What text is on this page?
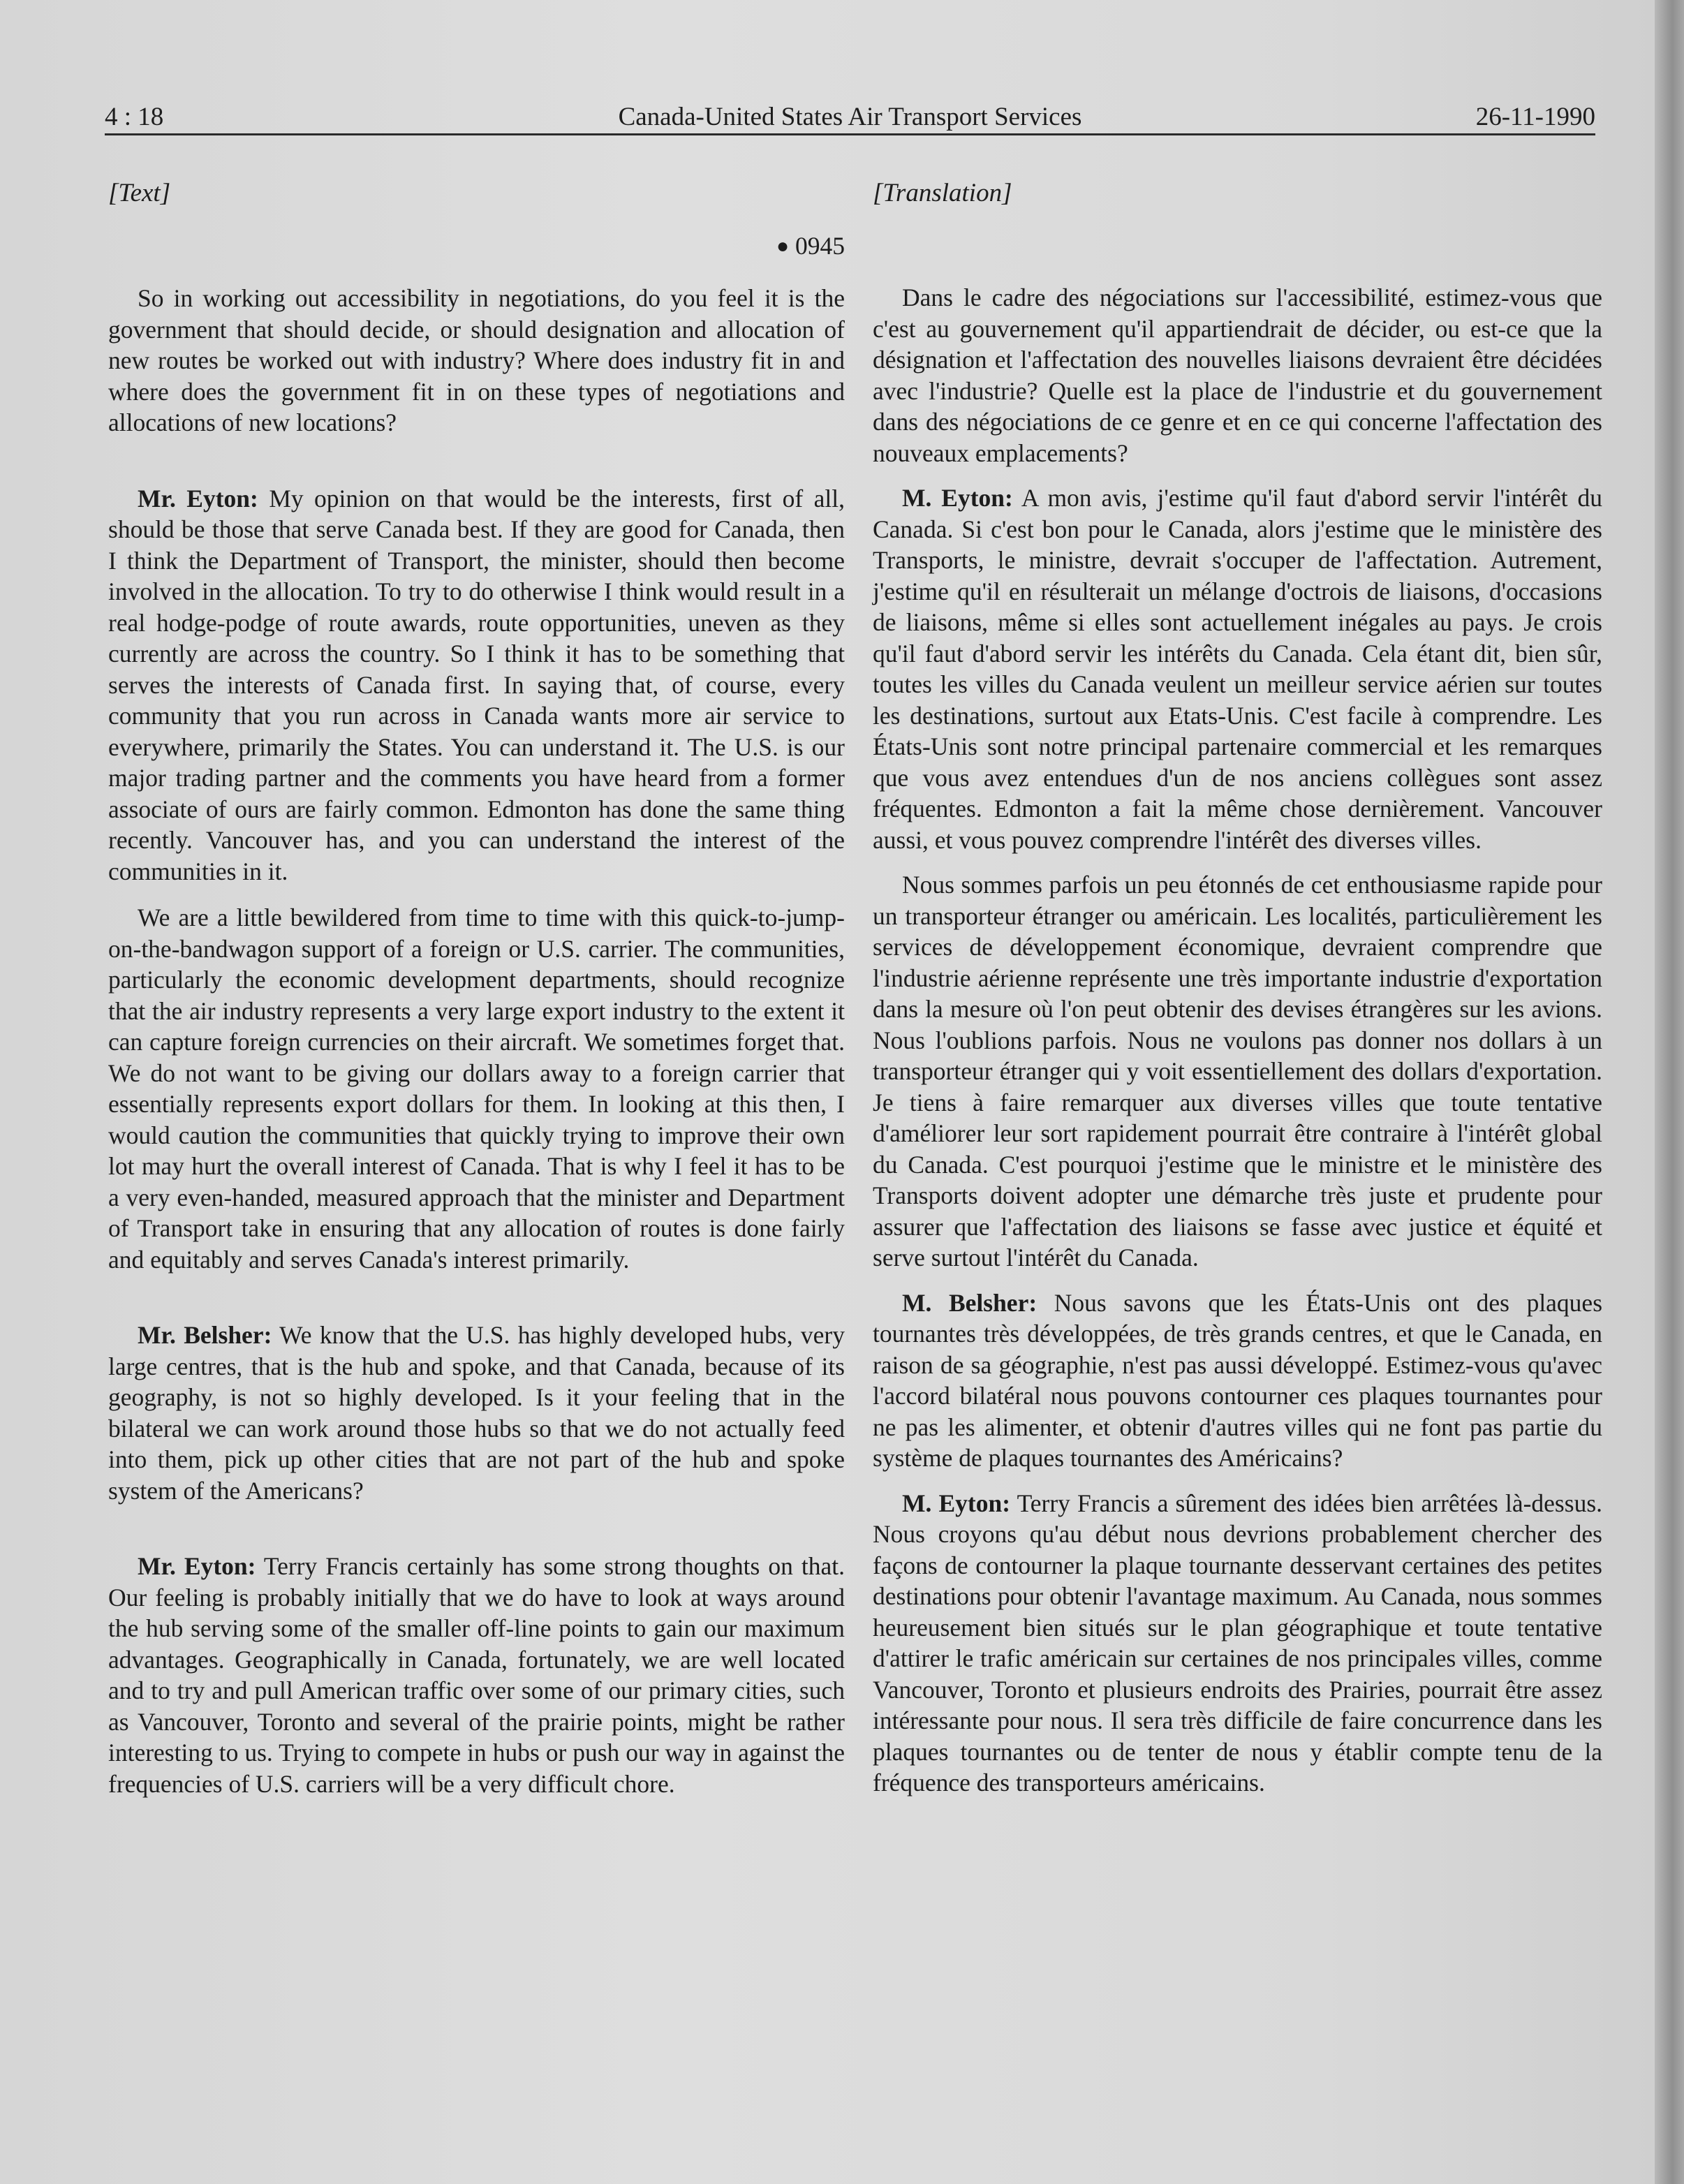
4 : 18	Canada-United States Air Transport Services	26-11-1990
[Text]
● 0945

So in working out accessibility in negotiations, do you feel it is the government that should decide, or should designation and allocation of new routes be worked out with industry? Where does industry fit in and where does the government fit in on these types of negotiations and allocations of new locations?

Mr. Eyton: My opinion on that would be the interests, first of all, should be those that serve Canada best. If they are good for Canada, then I think the Department of Transport, the minister, should then become involved in the allocation. To try to do otherwise I think would result in a real hodge-podge of route awards, route opportunities, uneven as they currently are across the country. So I think it has to be something that serves the interests of Canada first. In saying that, of course, every community that you run across in Canada wants more air service to everywhere, primarily the States. You can understand it. The U.S. is our major trading partner and the comments you have heard from a former associate of ours are fairly common. Edmonton has done the same thing recently. Vancouver has, and you can understand the interest of the communities in it.

We are a little bewildered from time to time with this quick-to-jump-on-the-bandwagon support of a foreign or U.S. carrier. The communities, particularly the economic development departments, should recognize that the air industry represents a very large export industry to the extent it can capture foreign currencies on their aircraft. We sometimes forget that. We do not want to be giving our dollars away to a foreign carrier that essentially represents export dollars for them. In looking at this then, I would caution the communities that quickly trying to improve their own lot may hurt the overall interest of Canada. That is why I feel it has to be a very even-handed, measured approach that the minister and Department of Transport take in ensuring that any allocation of routes is done fairly and equitably and serves Canada's interest primarily.

Mr. Belsher: We know that the U.S. has highly developed hubs, very large centres, that is the hub and spoke, and that Canada, because of its geography, is not so highly developed. Is it your feeling that in the bilateral we can work around those hubs so that we do not actually feed into them, pick up other cities that are not part of the hub and spoke system of the Americans?

Mr. Eyton: Terry Francis certainly has some strong thoughts on that. Our feeling is probably initially that we do have to look at ways around the hub serving some of the smaller off-line points to gain our maximum advantages. Geographically in Canada, fortunately, we are well located and to try and pull American traffic over some of our primary cities, such as Vancouver, Toronto and several of the prairie points, might be rather interesting to us. Trying to compete in hubs or push our way in against the frequencies of U.S. carriers will be a very difficult chore.

[Translation]

Dans le cadre des négociations sur l'accessibilité, estimez-vous que c'est au gouvernement qu'il appartiendrait de décider, ou est-ce que la désignation et l'affectation des nouvelles liaisons devraient être décidées avec l'industrie? Quelle est la place de l'industrie et du gouvernement dans des négociations de ce genre et en ce qui concerne l'affectation des nouveaux emplacements?

M. Eyton: A mon avis, j'estime qu'il faut d'abord servir l'intérêt du Canada. Si c'est bon pour le Canada, alors j'estime que le ministère des Transports, le ministre, devrait s'occuper de l'affectation. Autrement, j'estime qu'il en résulterait un mélange d'octrois de liaisons, d'occasions de liaisons, même si elles sont actuellement inégales au pays. Je crois qu'il faut d'abord servir les intérêts du Canada. Cela étant dit, bien sûr, toutes les villes du Canada veulent un meilleur service aérien sur toutes les destinations, surtout aux Etats-Unis. C'est facile à comprendre. Les États-Unis sont notre principal partenaire commercial et les remarques que vous avez entendues d'un de nos anciens collègues sont assez fréquentes. Edmonton a fait la même chose dernièrement. Vancouver aussi, et vous pouvez comprendre l'intérêt des diverses villes.

Nous sommes parfois un peu étonnés de cet enthousiasme rapide pour un transporteur étranger ou américain. Les localités, particulièrement les services de développement économique, devraient comprendre que l'industrie aérienne représente une très importante industrie d'exportation dans la mesure où l'on peut obtenir des devises étrangères sur les avions. Nous l'oublions parfois. Nous ne voulons pas donner nos dollars à un transporteur étranger qui y voit essentiellement des dollars d'exportation. Je tiens à faire remarquer aux diverses villes que toute tentative d'améliorer leur sort rapidement pourrait être contraire à l'intérêt global du Canada. C'est pourquoi j'estime que le ministre et le ministère des Transports doivent adopter une démarche très juste et prudente pour assurer que l'affectation des liaisons se fasse avec justice et équité et serve surtout l'intérêt du Canada.

M. Belsher: Nous savons que les États-Unis ont des plaques tournantes très développées, de très grands centres, et que le Canada, en raison de sa géographie, n'est pas aussi développé. Estimez-vous qu'avec l'accord bilatéral nous pouvons contourner ces plaques tournantes pour ne pas les alimenter, et obtenir d'autres villes qui ne font pas partie du système de plaques tournantes des Américains?

M. Eyton: Terry Francis a sûrement des idées bien arrêtées là-dessus. Nous croyons qu'au début nous devrions probablement chercher des façons de contourner la plaque tournante desservant certaines des petites destinations pour obtenir l'avantage maximum. Au Canada, nous sommes heureusement bien situés sur le plan géographique et toute tentative d'attirer le trafic américain sur certaines de nos principales villes, comme Vancouver, Toronto et plusieurs endroits des Prairies, pourrait être assez intéressante pour nous. Il sera très difficile de faire concurrence dans les plaques tournantes ou de tenter de nous y établir compte tenu de la fréquence des transporteurs américains.
